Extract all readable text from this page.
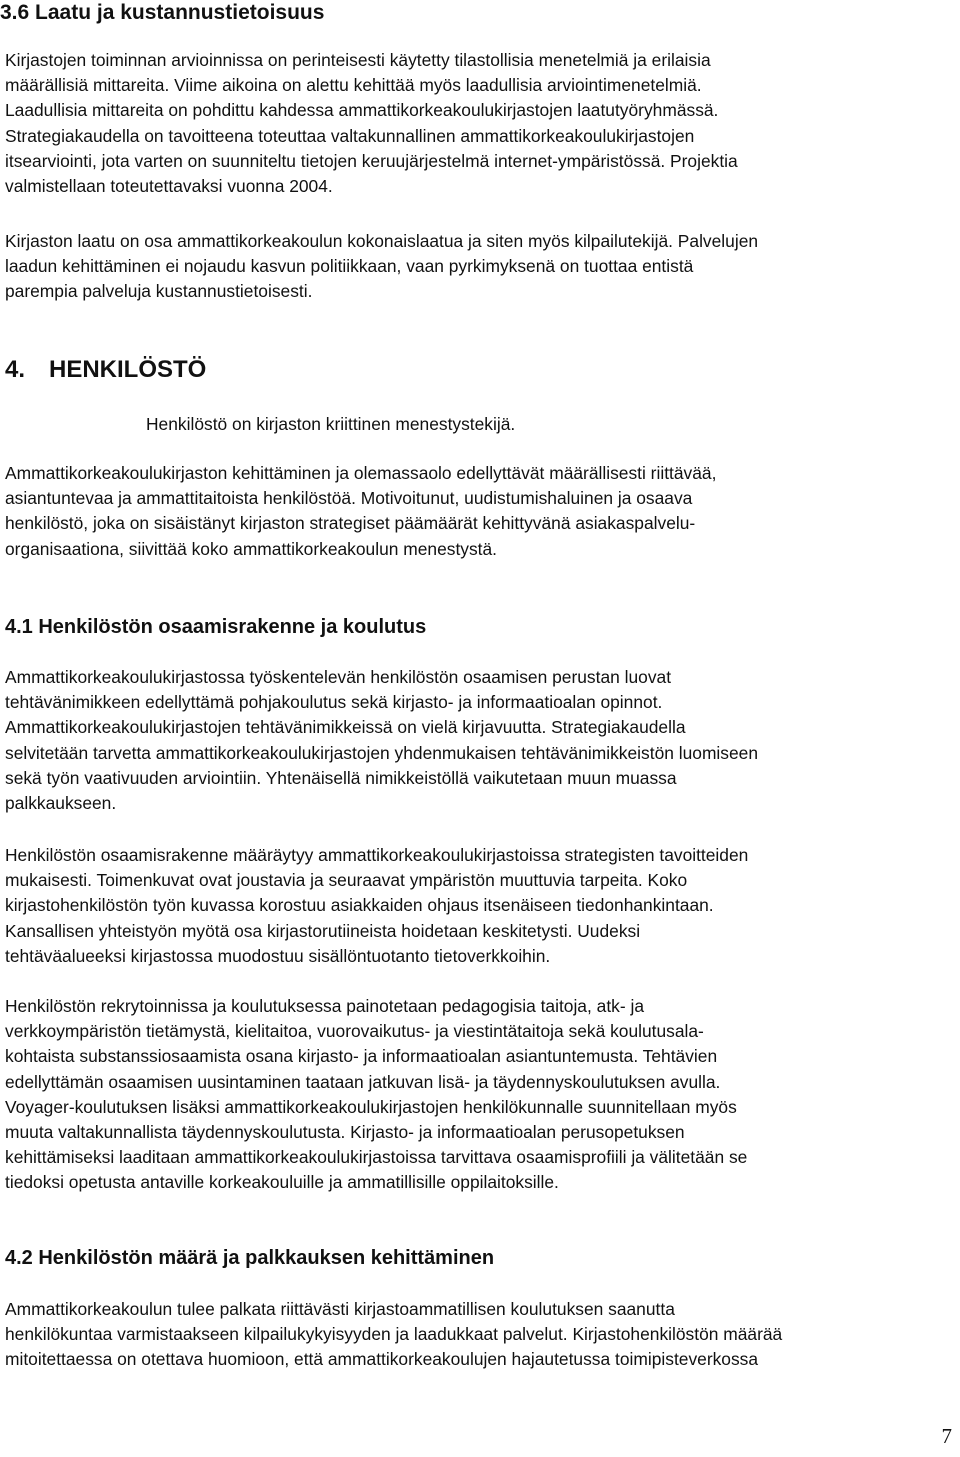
3.6 Laatu ja kustannustietoisuus
Kirjastojen toiminnan arvioinnissa on perinteisesti käytetty tilastollisia menetelmiä ja erilaisia
määrällisiä mittareita. Viime aikoina on alettu kehittää myös laadullisia arviointimenetelmiä.
Laadullisia mittareita on pohdittu kahdessa ammattikorkeakoulukirjastojen laatutyöryhmässä.
Strategiakaudella on tavoitteena toteuttaa valtakunnallinen ammattikorkeakoulukirjastojen
itsearviointi, jota varten on suunniteltu tietojen keruujärjestelmä internet-ympäristössä. Projektia
valmistellaan toteutettavaksi vuonna 2004.
Kirjaston laatu on osa ammattikorkeakoulun kokonaislaatua ja siten myös kilpailutekijä. Palvelujen
laadun kehittäminen ei nojaudu kasvun politiikkaan, vaan pyrkimyksenä on tuottaa entistä
parempia palveluja kustannustietoisesti.
4. HENKILÖSTÖ

Henkilöstö on kirjaston kriittinen menestystekijä.

Ammattikorkeakoulukirjaston kehittäminen ja olemassaolo edellyttävät määrällisesti riittävää,
asiantuntevaa ja ammattitaitoista henkilöstöä. Motivoitunut, uudistumishaluinen ja osaava
henkilöstö, joka on sisäistänyt kirjaston strategiset päämäärät kehittyvänä asiakaspalvelu-
organisaationa, siivittää koko ammattikorkeakoulun menestystä.
4.1 Henkilöstön osaamisrakenne ja koulutus
Ammattikorkeakoulukirjastossa työskentelevän henkilöstön osaamisen perustan luovat
tehtävänimikkeen edellyttämä pohjakoulutus sekä kirjasto- ja informaatioalan opinnot.
Ammattikorkeakoulukirjastojen tehtävänimikkeissä on vielä kirjavuutta. Strategiakaudella
selvitetään tarvetta ammattikorkeakoulukirjastojen yhdenmukaisen tehtävänimikkeistön luomiseen
sekä työn vaativuuden arviointiin. Yhtenäisellä nimikkeistöllä vaikutetaan muun muassa
palkkaukseen.
Henkilöstön osaamisrakenne määräytyy ammattikorkeakoulukirjastoissa strategisten tavoitteiden
mukaisesti. Toimenkuvat ovat joustavia ja seuraavat ympäristön muuttuvia tarpeita. Koko
kirjastohenkilöstön työn kuvassa korostuu asiakkaiden ohjaus itsenäiseen tiedonhankintaan.
Kansallisen yhteistyön myötä osa kirjastorutiineista hoidetaan keskitetysti. Uudeksi
tehtäväalueeksi kirjastossa muodostuu sisällöntuotanto tietoverkkoihin.
Henkilöstön rekrytoinnissa ja koulutuksessa painotetaan pedagogisia taitoja, atk- ja
verkkoympäristön tietämystä, kielitaitoa, vuorovaikutus- ja viestintätaitoja sekä koulutusala-
kohtaista substanssiosaamista osana kirjasto- ja informaatioalan asiantuntemusta. Tehtävien
edellyttämän osaamisen uusintaminen taataan jatkuvan lisä- ja täydennyskoulutuksen avulla.
Voyager-koulutuksen lisäksi ammattikorkeakoulukirjastojen henkilökunnalle suunnitellaan myös
muuta valtakunnallista täydennyskoulutusta. Kirjasto- ja informaatioalan perusopetuksen
kehittämiseksi laaditaan ammattikorkeakoulukirjastoissa tarvittava osaamisprofiili ja välitetään se
tiedoksi opetusta antaville korkeakouluille ja ammatillisille oppilaitoksille.
4.2 Henkilöstön määrä ja palkkauksen kehittäminen
Ammattikorkeakoulun tulee palkata riittävästi kirjastoammatillisen koulutuksen saanutta
henkilökuntaa varmistaakseen kilpailukykyisyyden ja laadukkaat palvelut. Kirjastohenkilöstön määrää
mitoitettaessa on otettava huomioon, että ammattikorkeakoulujen hajautetussa toimipisteverkossa

7
